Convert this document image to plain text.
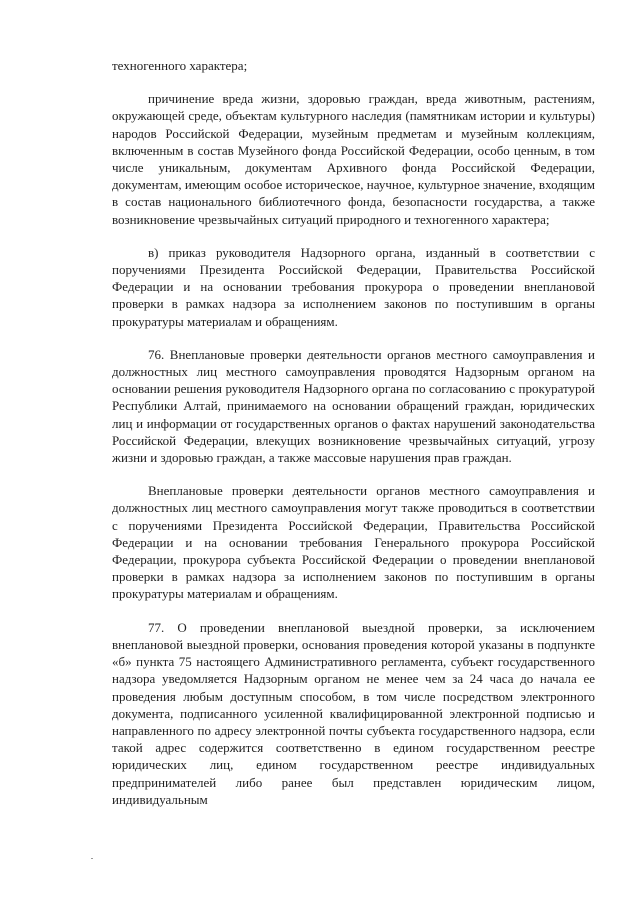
техногенного характера;

причинение вреда жизни, здоровью граждан, вреда животным, растениям, окружающей среде, объектам культурного наследия (памятникам истории и культуры) народов Российской Федерации, музейным предметам и музейным коллекциям, включенным в состав Музейного фонда Российской Федерации, особо ценным, в том числе уникальным, документам Архивного фонда Российской Федерации, документам, имеющим особое историческое, научное, культурное значение, входящим в состав национального библиотечного фонда, безопасности государства, а также возникновение чрезвычайных ситуаций природного и техногенного характера;

в) приказ руководителя Надзорного органа, изданный в соответствии с поручениями Президента Российской Федерации, Правительства Российской Федерации и на основании требования прокурора о проведении внеплановой проверки в рамках надзора за исполнением законов по поступившим в органы прокуратуры материалам и обращениям.

76. Внеплановые проверки деятельности органов местного самоуправления и должностных лиц местного самоуправления проводятся Надзорным органом на основании решения руководителя Надзорного органа по согласованию с прокуратурой Республики Алтай, принимаемого на основании обращений граждан, юридических лиц и информации от государственных органов о фактах нарушений законодательства Российской Федерации, влекущих возникновение чрезвычайных ситуаций, угрозу жизни и здоровью граждан, а также массовые нарушения прав граждан.

Внеплановые проверки деятельности органов местного самоуправления и должностных лиц местного самоуправления могут также проводиться в соответствии с поручениями Президента Российской Федерации, Правительства Российской Федерации и на основании требования Генерального прокурора Российской Федерации, прокурора субъекта Российской Федерации о проведении внеплановой проверки в рамках надзора за исполнением законов по поступившим в органы прокуратуры материалам и обращениям.

77. О проведении внеплановой выездной проверки, за исключением внеплановой выездной проверки, основания проведения которой указаны в подпункте «б» пункта 75 настоящего Административного регламента, субъект государственного надзора уведомляется Надзорным органом не менее чем за 24 часа до начала ее проведения любым доступным способом, в том числе посредством электронного документа, подписанного усиленной квалифицированной электронной подписью и направленного по адресу электронной почты субъекта государственного надзора, если такой адрес содержится соответственно в едином государственном реестре юридических лиц, едином государственном реестре индивидуальных предпринимателей либо ранее был представлен юридическим лицом, индивидуальным
